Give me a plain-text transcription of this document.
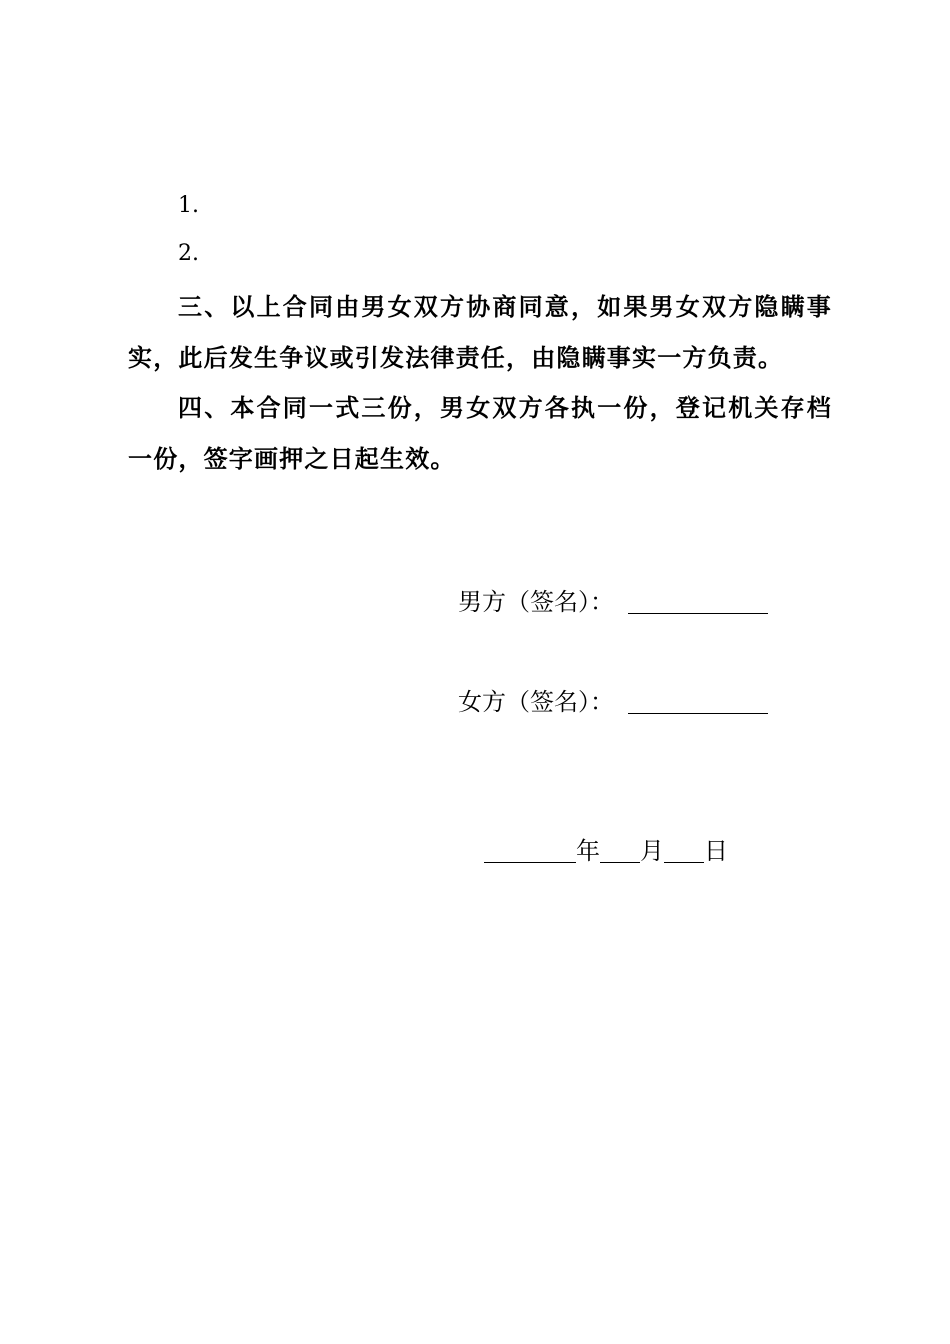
1.
2.

三、以上合同由男女双方协商同意，如果男女双方隐瞒事实，此后发生争议或引发法律责任，由隐瞒事实一方负责。

四、本合同一式三份，男女双方各执一份，登记机关存档一份，签字画押之日起生效。

男方（签名）：
女方（签名）：
年 月 日
